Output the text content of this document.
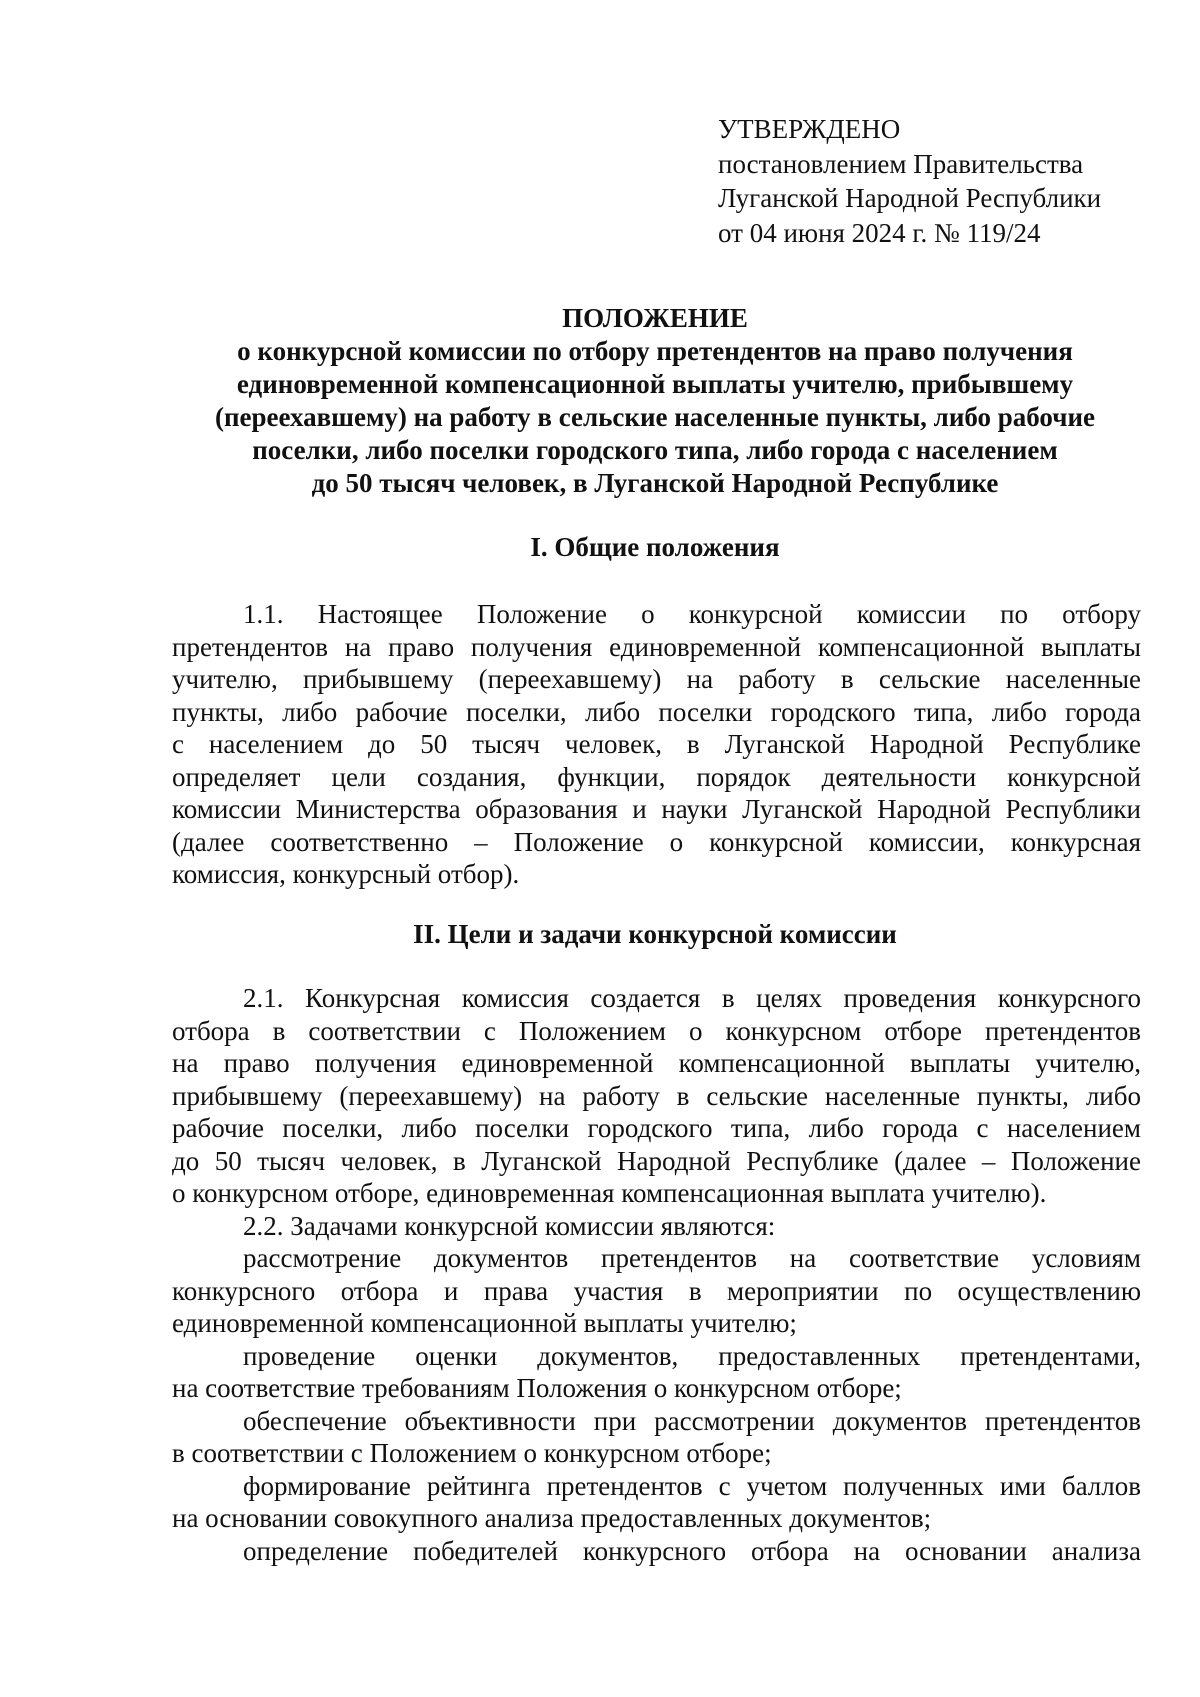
УТВЕРЖДЕНО
постановлением Правительства
Луганской Народной Республики
от 04 июня 2024 г. № 119/24
ПОЛОЖЕНИЕ
о конкурсной комиссии по отбору претендентов на право получения
единовременной компенсационной выплаты учителю, прибывшему
(переехавшему) на работу в сельские населенные пункты, либо рабочие
поселки, либо поселки городского типа, либо города с населением
до 50 тысяч человек, в Луганской Народной Республике
I. Общие положения
1.1. Настоящее Положение о конкурсной комиссии по отбору
претендентов на право получения единовременной компенсационной выплаты
учителю, прибывшему (переехавшему) на работу в сельские населенные
пункты, либо рабочие поселки, либо поселки городского типа, либо города
с населением до 50 тысяч человек, в Луганской Народной Республике
определяет цели создания, функции, порядок деятельности конкурсной
комиссии Министерства образования и науки Луганской Народной Республики
(далее соответственно – Положение о конкурсной комиссии, конкурсная
комиссия, конкурсный отбор).
II. Цели и задачи конкурсной комиссии
2.1. Конкурсная комиссия создается в целях проведения конкурсного
отбора в соответствии с Положением о конкурсном отборе претендентов
на право получения единовременной компенсационной выплаты учителю,
прибывшему (переехавшему) на работу в сельские населенные пункты, либо
рабочие поселки, либо поселки городского типа, либо города с населением
до 50 тысяч человек, в Луганской Народной Республике (далее – Положение
о конкурсном отборе, единовременная компенсационная выплата учителю).
2.2. Задачами конкурсной комиссии являются:
рассмотрение документов претендентов на соответствие условиям
конкурсного отбора и права участия в мероприятии по осуществлению
единовременной компенсационной выплаты учителю;
проведение оценки документов, предоставленных претендентами,
на соответствие требованиям Положения о конкурсном отборе;
обеспечение объективности при рассмотрении документов претендентов
в соответствии с Положением о конкурсном отборе;
формирование рейтинга претендентов с учетом полученных ими баллов
на основании совокупного анализа предоставленных документов;
определение победителей конкурсного отбора на основании анализа
